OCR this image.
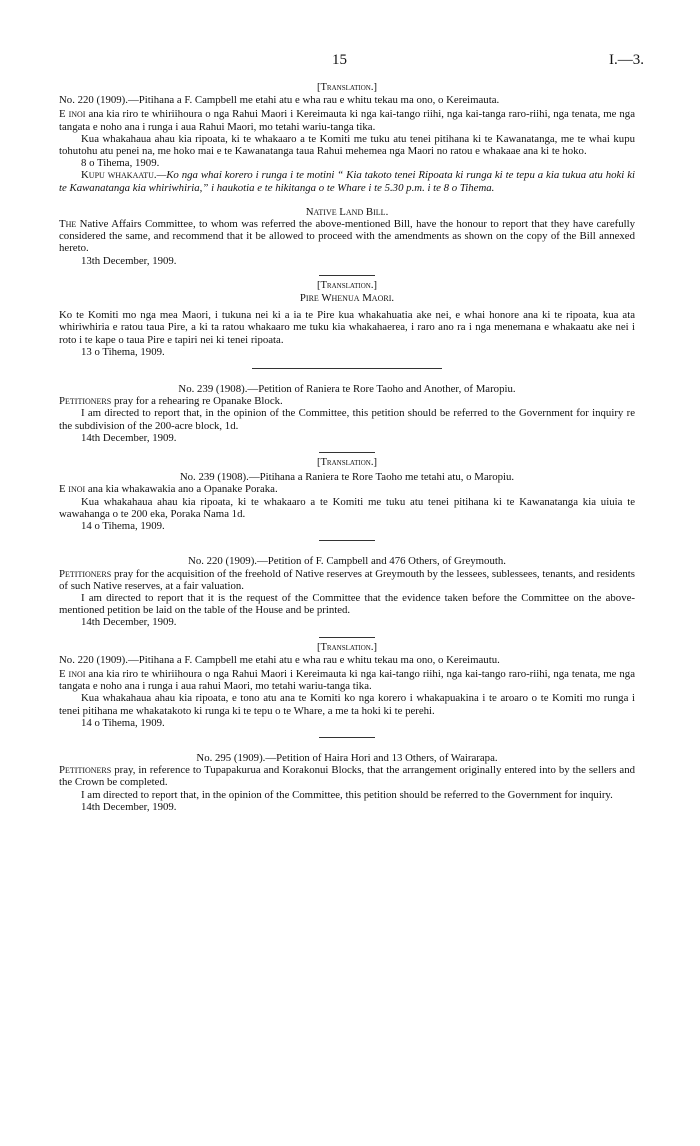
15	I.—3.

[Translation.]

No. 220 (1909).—Pitihana a F. Campbell me etahi atu e wha rau e whitu tekau ma ono, o Kereimauta.

E inoi ana kia riro te whiriihoura o nga Rahui Maori i Kereimauta ki nga kai-tango riihi, nga kai-tanga raro-riihi, nga tenata, me nga tangata e noho ana i runga i aua Rahui Maori, mo tetahi wariu-tanga tika.

Kua whakahaua ahau kia ripoata, ki te whakaaro a te Komiti me tuku atu tenei pitihana ki te Kawanatanga, me te whai kupu tohutohu atu penei na, me hoko mai e te Kawanatanga taua Rahui mehemea nga Maori no ratou e whakaae ana ki te hoko.

8 o Tihema, 1909.

Kupu whakaatu.—Ko nga whai korero i runga i te motini “ Kia takoto tenei Ripoata ki runga ki te tepu a kia tukua atu hoki ki te Kawanatanga kia whiriwhiria,” i haukotia e te hikitanga o te Whare i te 5.30 p.m. i te 8 o Tihema.

Native Land Bill.

The Native Affairs Committee, to whom was referred the above-mentioned Bill, have the honour to report that they have carefully considered the same, and recommend that it be allowed to proceed with the amendments as shown on the copy of the Bill annexed hereto.

13th December, 1909.

[Translation.]

Pire Whenua Maori.

Ko te Komiti mo nga mea Maori, i tukuna nei ki a ia te Pire kua whakahuatia ake nei, e whai honore ana ki te ripoata, kua ata whiriwhiria e ratou taua Pire, a ki ta ratou whakaaro me tuku kia whakahaerea, i raro ano ra i nga menemana e whakaatu ake nei i roto i te kape o taua Pire e tapiri nei ki tenei ripoata.

13 o Tihema, 1909.

No. 239 (1908).—Petition of Raniera te Rore Taoho and Another, of Maropiu.

Petitioners pray for a rehearing re Opanake Block.

I am directed to report that, in the opinion of the Committee, this petition should be referred to the Government for inquiry re the subdivision of the 200-acre block, 1d.

14th December, 1909.

[Translation.]

No. 239 (1908).—Pitihana a Raniera te Rore Taoho me tetahi atu, o Maropiu.

E inoi ana kia whakawakia ano a Opanake Poraka.

Kua whakahaua ahau kia ripoata, ki te whakaaro a te Komiti me tuku atu tenei pitihana ki te Kawanatanga kia uiuia te wawahanga o te 200 eka, Poraka Nama 1d.

14 o Tihema, 1909.

No. 220 (1909).—Petition of F. Campbell and 476 Others, of Greymouth.

Petitioners pray for the acquisition of the freehold of Native reserves at Greymouth by the lessees, sublessees, tenants, and residents of such Native reserves, at a fair valuation.

I am directed to report that it is the request of the Committee that the evidence taken before the Committee on the above-mentioned petition be laid on the table of the House and be printed.

14th December, 1909.

[Translation.]

No. 220 (1909).—Pitihana a F. Campbell me etahi atu e wha rau e whitu tekau ma ono, o Kereimautu.

E inoi ana kia riro te whiriihoura o nga Rahui Maori i Kereimauta ki nga kai-tango riihi, nga kai-tango raro-riihi, nga tenata, me nga tangata e noho ana i runga i aua rahui Maori, mo tetahi wariu-tanga tika.

Kua whakahaua ahau kia ripoata, e tono atu ana te Komiti ko nga korero i whakapuakina i te aroaro o te Komiti mo runga i tenei pitihana me whakatakoto ki runga ki te tepu o te Whare, a me ta hoki ki te perehi.

14 o Tihema, 1909.

No. 295 (1909).—Petition of Haira Hori and 13 Others, of Wairarapa.

Petitioners pray, in reference to Tupapakurua and Korakonui Blocks, that the arrangement originally entered into by the sellers and the Crown be completed.

I am directed to report that, in the opinion of the Committee, this petition should be referred to the Government for inquiry.

14th December, 1909.
